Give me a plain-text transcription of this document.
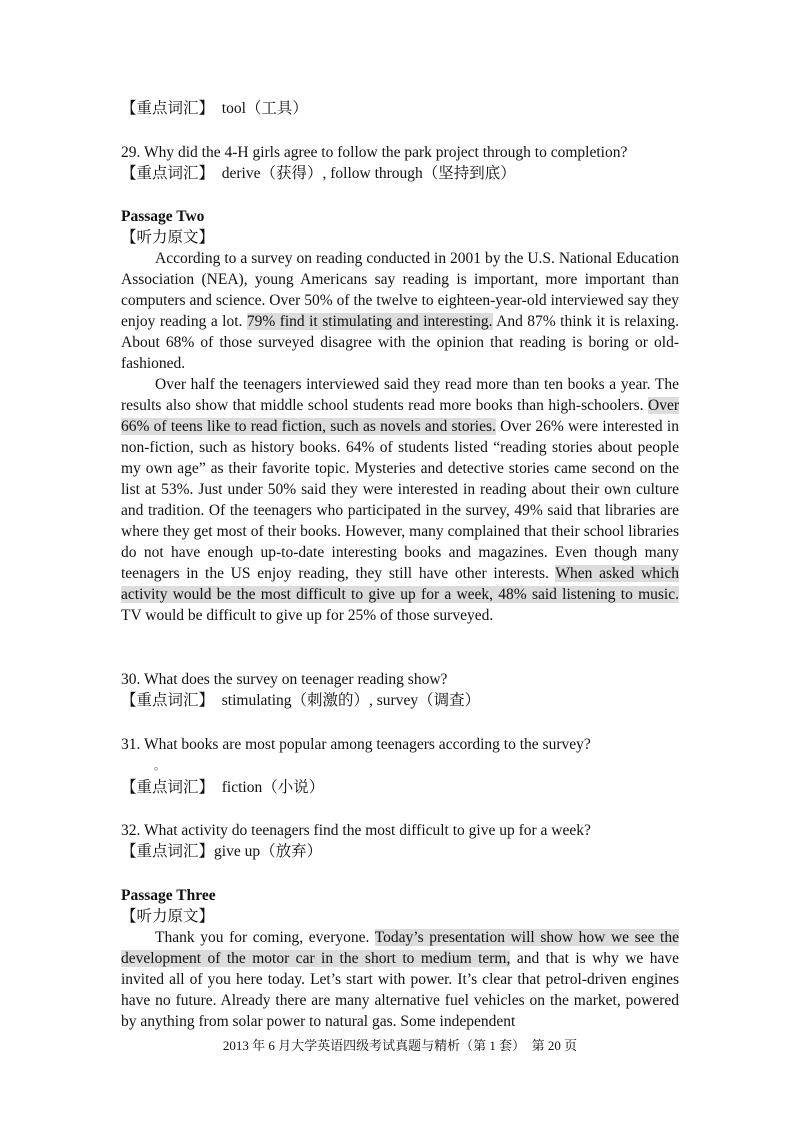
【重点词汇】 tool（工具）
29. Why did the 4-H girls agree to follow the park project through to completion?
【重点词汇】 derive（获得）, follow through（坚持到底）
Passage Two
【听力原文】
According to a survey on reading conducted in 2001 by the U.S. National Education Association (NEA), young Americans say reading is important, more important than computers and science. Over 50% of the twelve to eighteen-year-old interviewed say they enjoy reading a lot. 79% find it stimulating and interesting. And 87% think it is relaxing. About 68% of those surveyed disagree with the opinion that reading is boring or old-fashioned.
Over half the teenagers interviewed said they read more than ten books a year. The results also show that middle school students read more books than high-schoolers. Over 66% of teens like to read fiction, such as novels and stories. Over 26% were interested in non-fiction, such as history books. 64% of students listed “reading stories about people my own age” as their favorite topic. Mysteries and detective stories came second on the list at 53%. Just under 50% said they were interested in reading about their own culture and tradition. Of the teenagers who participated in the survey, 49% said that libraries are where they get most of their books. However, many complained that their school libraries do not have enough up-to-date interesting books and magazines. Even though many teenagers in the US enjoy reading, they still have other interests. When asked which activity would be the most difficult to give up for a week, 48% said listening to music. TV would be difficult to give up for 25% of those surveyed.
30. What does the survey on teenager reading show?
【重点词汇】 stimulating（刺激的）, survey（调查）
31. What books are most popular among teenagers according to the survey?
。
【重点词汇】 fiction（小说）
32. What activity do teenagers find the most difficult to give up for a week?
【重点词汇】give up（放弃）
Passage Three
【听力原文】
Thank you for coming, everyone. Today’s presentation will show how we see the development of the motor car in the short to medium term, and that is why we have invited all of you here today. Let’s start with power. It’s clear that petrol-driven engines have no future. Already there are many alternative fuel vehicles on the market, powered by anything from solar power to natural gas. Some independent
2013 年 6 月大学英语四级考试真题与精析（第 1 套）　第 20 页
